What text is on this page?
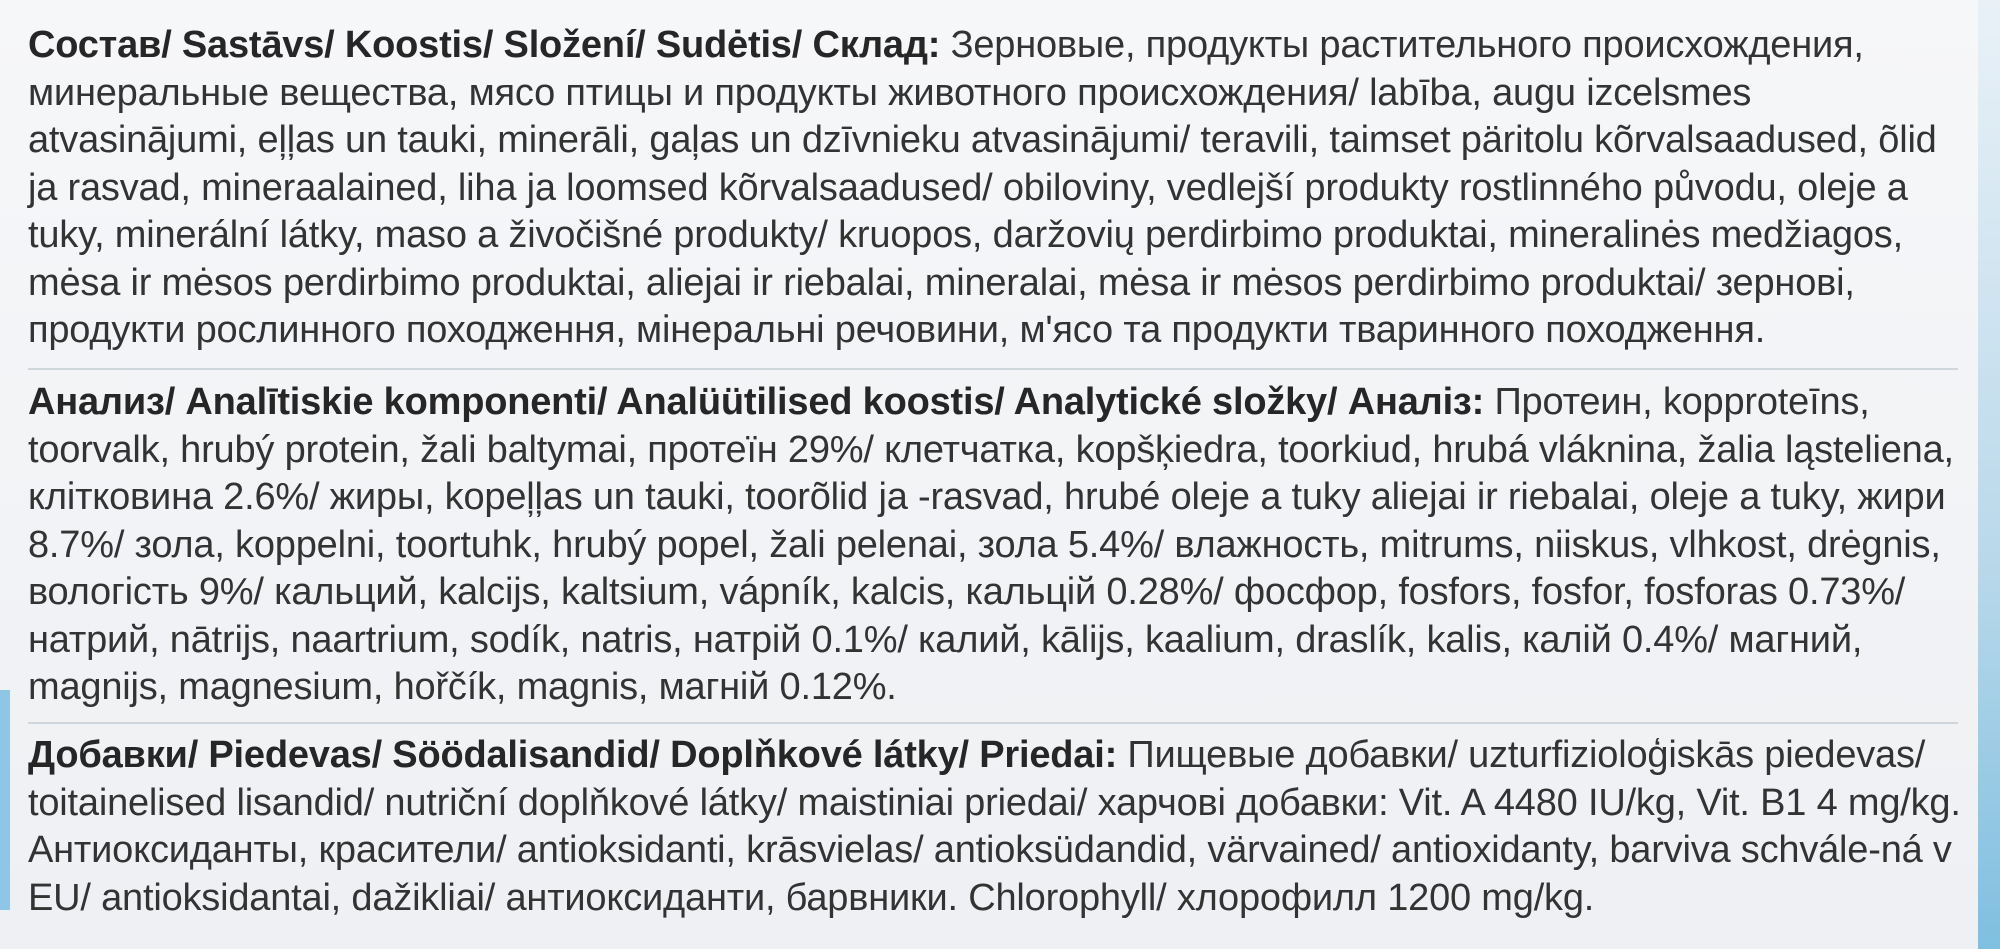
Состав/ Sastāvs/ Koostis/ Složení/ Sudėtis/ Склад: Зерновые, продукты растительного происхождения, минеральные вещества, мясо птицы и продукты животного происхождения/ labība, augu izcelsmes atvasinājumi, eļļas un tauki, minerāli, gaļas un dzīvnieku atvasinājumi/ teravili, taimset päritolu kõrvalsaadused, õlid ja rasvad, mineraalained, liha ja loomsed kõrvalsaadused/ obiloviny, vedlejší produkty rostlinného původu, oleje a tuky, minerální látky, maso a živočišné produkty/ kruopos, daržovių perdirbimo produktai, mineralinės medžiagos, mėsa ir mėsos perdirbimo produktai, aliejai ir riebalai, mineralai, mėsa ir mėsos perdirbimo produktai/ зернові, продукти рослинного походження, мінеральні речовини, м'ясо та продукти тваринного походження.
Анализ/ Analītiskie komponenti/ Analüütilised koostis/ Analytické složky/ Аналіз: Протеин, kopproteīns, toorvalk, hrubý protein, žali baltymai, протеїн 29%/ клетчатка, kopšķiedra, toorkiud, hrubá vláknina, žalia ląsteliena, клітковина 2.6%/ жиры, kopeļļas un tauki, toorõlid ja -rasvad, hrubé oleje a tuky aliejai ir riebalai, oleje a tuky, жири 8.7%/ зола, koppelni, toortuhk, hrubý popel, žali pelenai, зола 5.4%/ влажность, mitrums, niiskus, vlhkost, drėgnis, вологість 9%/ кальций, kalcijs, kaltsium, vápník, kalcis, кальцій 0.28%/ фосфор, fosfors, fosfor, fosforas 0.73%/ натрий, nātrijs, naartrium, sodík, natris, натрій 0.1%/ калий, kālijs, kaalium, draslík, kalis, калій 0.4%/ магний, magnijs, magnesium, hořčík, magnis, магній 0.12%.
Добавки/ Piedevas/ Söödalisandid/ Doplňkové látky/ Priedai: Пищевые добавки/ uzturfizioloģiskās piedevas/ toitainelised lisandid/ nutriční doplňkové látky/ maistiniai priedai/ харчові добавки: Vit. A 4480 IU/kg, Vit. B1 4 mg/kg. Антиоксиданты, красители/ antioksidanti, krāsvielas/ antioksüdandid, värvained/ antioxidanty, barviva schvále-ná v EU/ antioksidantai, dažikliai/ антиоксиданти, барвники. Chlorophyll/ хлорофилл 1200 mg/kg.
